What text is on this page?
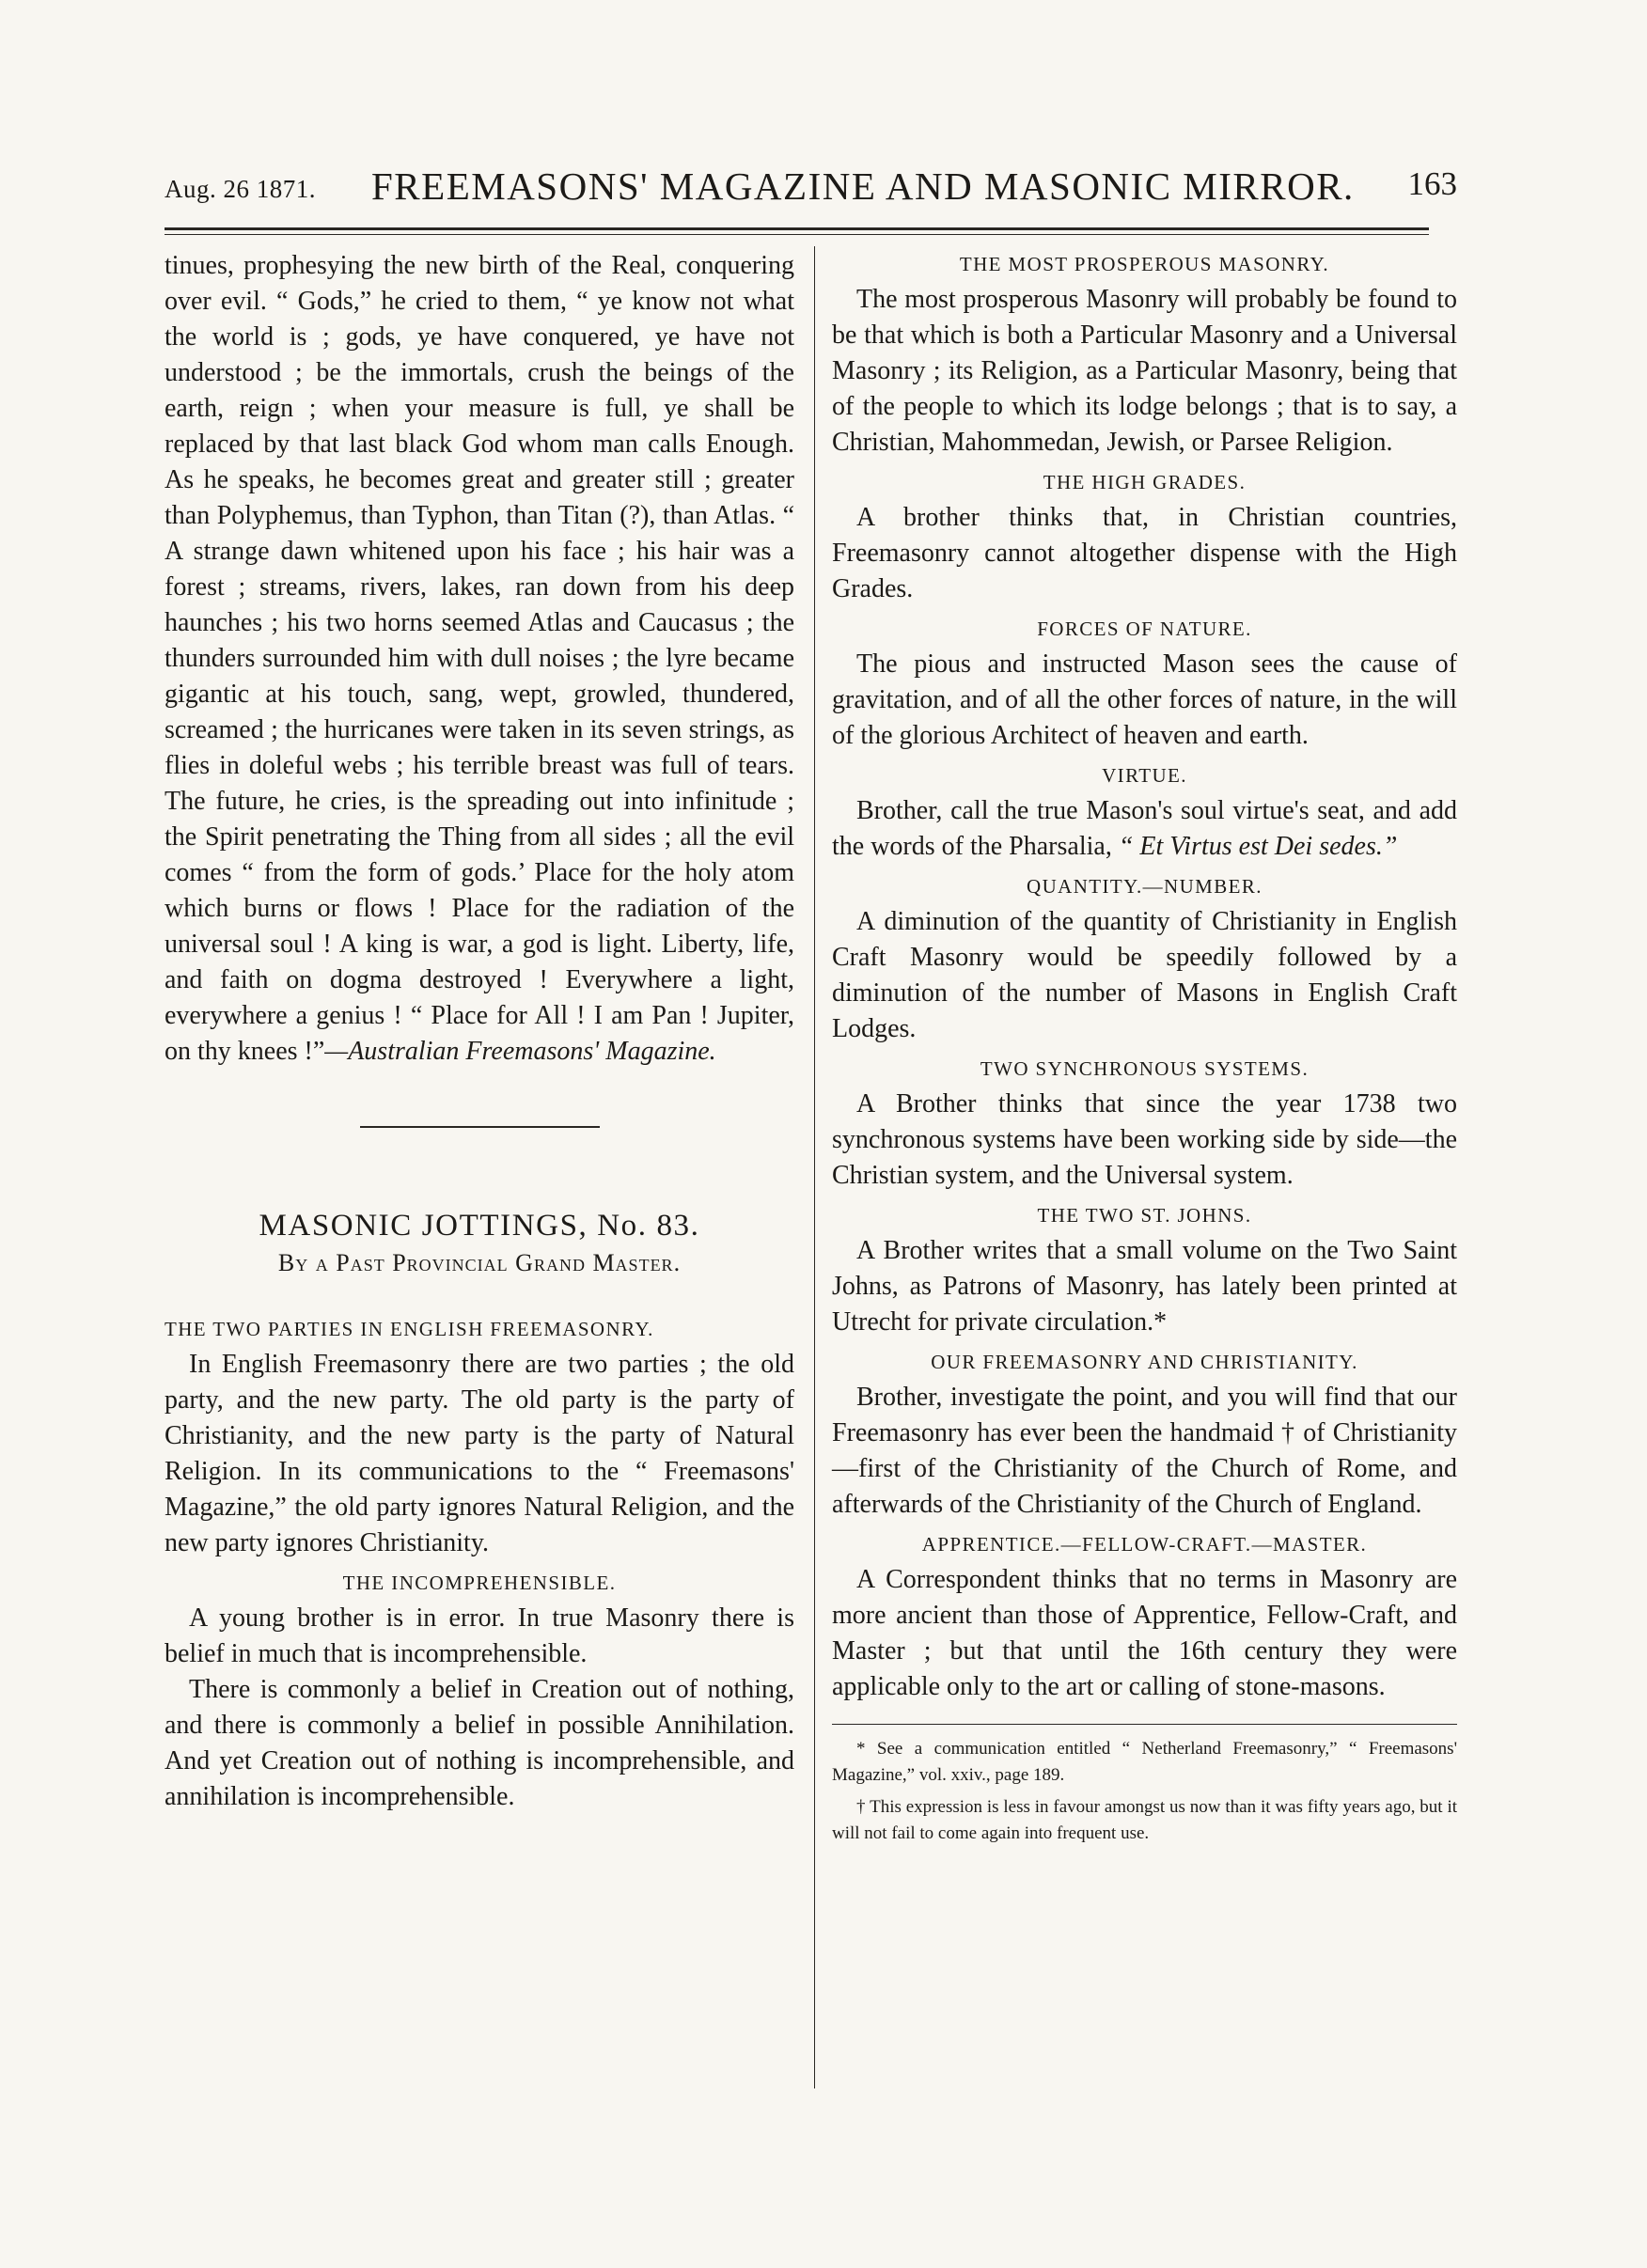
Aug. 26 1871. FREEMASONS' MAGAZINE AND MASONIC MIRROR. 163

tinues, prophesying the new birth of the Real, conquering over evil. “ Gods,” he cried to them, “ ye know not what the world is ; gods, ye have conquered, ye have not understood ; be the immortals, crush the beings of the earth, reign ; when your measure is full, ye shall be replaced by that last black God whom man calls Enough. As he speaks, he becomes great and greater still ; greater than Polyphemus, than Typhon, than Titan (?), than Atlas. “ A strange dawn whitened upon his face ; his hair was a forest ; streams, rivers, lakes, ran down from his deep haunches ; his two horns seemed Atlas and Caucasus ; the thunders surrounded him with dull noises ; the lyre became gigantic at his touch, sang, wept, growled, thundered, screamed ; the hurricanes were taken in its seven strings, as flies in doleful webs ; his terrible breast was full of tears. The future, he cries, is the spreading out into infinitude ; the Spirit penetrating the Thing from all sides ; all the evil comes “ from the form of gods.’ Place for the holy atom which burns or flows ! Place for the radiation of the universal soul ! A king is war, a god is light. Liberty, life, and faith on dogma destroyed ! Everywhere a light, everywhere a genius ! “ Place for All ! I am Pan ! Jupiter, on thy knees !”—Australian Freemasons' Magazine.

MASONIC JOTTINGS, No. 83.
By a Past Provincial Grand Master.
THE TWO PARTIES IN ENGLISH FREEMASONRY.

In English Freemasonry there are two parties ; the old party, and the new party. The old party is the party of Christianity, and the new party is the party of Natural Religion. In its communications to the “ Freemasons' Magazine,” the old party ignores Natural Religion, and the new party ignores Christianity.

THE INCOMPREHENSIBLE.

A young brother is in error. In true Masonry there is belief in much that is incomprehensible.

There is commonly a belief in Creation out of nothing, and there is commonly a belief in possible Annihilation. And yet Creation out of nothing is incomprehensible, and annihilation is incomprehensible.

THE MOST PROSPEROUS MASONRY.

The most prosperous Masonry will probably be found to be that which is both a Particular Masonry and a Universal Masonry ; its Religion, as a Particular Masonry, being that of the people to which its lodge belongs ; that is to say, a Christian, Mahommedan, Jewish, or Parsee Religion.

THE HIGH GRADES.

A brother thinks that, in Christian countries, Freemasonry cannot altogether dispense with the High Grades.

FORCES OF NATURE.

The pious and instructed Mason sees the cause of gravitation, and of all the other forces of nature, in the will of the glorious Architect of heaven and earth.

VIRTUE.

Brother, call the true Mason's soul virtue's seat, and add the words of the Pharsalia, “ Et Virtus est Dei sedes.”

QUANTITY.—NUMBER.

A diminution of the quantity of Christianity in English Craft Masonry would be speedily followed by a diminution of the number of Masons in English Craft Lodges.

TWO SYNCHRONOUS SYSTEMS.

A Brother thinks that since the year 1738 two synchronous systems have been working side by side—the Christian system, and the Universal system.

THE TWO ST. JOHNS.

A Brother writes that a small volume on the Two Saint Johns, as Patrons of Masonry, has lately been printed at Utrecht for private circulation.*

OUR FREEMASONRY AND CHRISTIANITY.

Brother, investigate the point, and you will find that our Freemasonry has ever been the handmaid † of Christianity—first of the Christianity of the Church of Rome, and afterwards of the Christianity of the Church of England.

APPRENTICE.—FELLOW-CRAFT.—MASTER.

A Correspondent thinks that no terms in Masonry are more ancient than those of Apprentice, Fellow-Craft, and Master ; but that until the 16th century they were applicable only to the art or calling of stone-masons.

* See a communication entitled “ Netherland Freemasonry,” “ Freemasons' Magazine,” vol. xxiv., page 189.

† This expression is less in favour amongst us now than it was fifty years ago, but it will not fail to come again into frequent use.
